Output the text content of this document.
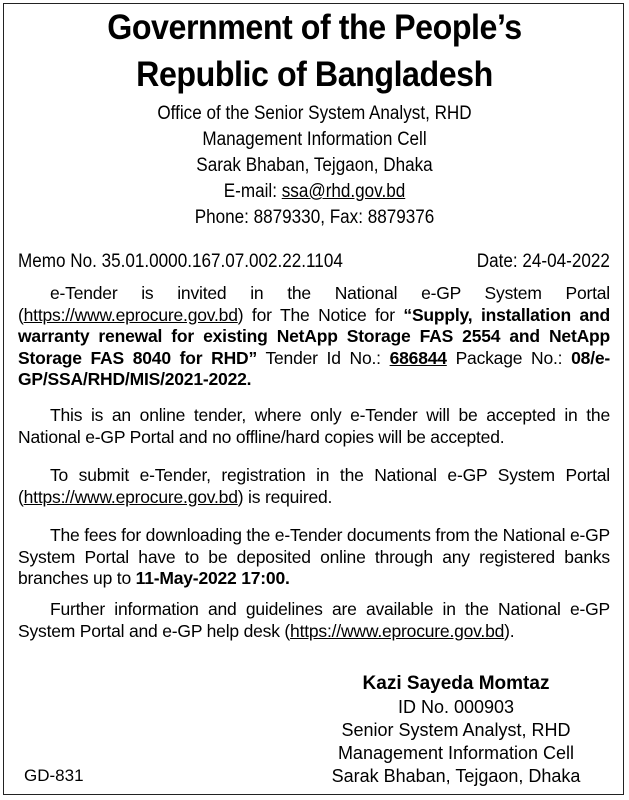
Government of the People’s
Republic of Bangladesh
Office of the Senior System Analyst, RHD
Management Information Cell
Sarak Bhaban, Tejgaon, Dhaka
E-mail: ssa@rhd.gov.bd
Phone: 8879330, Fax: 8879376
Memo No. 35.01.0000.167.07.002.22.1104	Date: 24-04-2022
e-Tender is invited in the National e-GP System Portal (https://www.eprocure.gov.bd) for The Notice for “Supply, installation and warranty renewal for existing NetApp Storage FAS 2554 and NetApp Storage FAS 8040 for RHD” Tender Id No.: 686844 Package No.: 08/e-GP/SSA/RHD/MIS/2021-2022.
This is an online tender, where only e-Tender will be accepted in the National e-GP Portal and no offline/hard copies will be accepted.
To submit e-Tender, registration in the National e-GP System Portal (https://www.eprocure.gov.bd) is required.
The fees for downloading the e-Tender documents from the National e-GP System Portal have to be deposited online through any registered banks branches up to 11-May-2022 17:00.
Further information and guidelines are available in the National e-GP System Portal and e-GP help desk (https://www.eprocure.gov.bd).
Kazi Sayeda Momtaz
ID No. 000903
Senior System Analyst, RHD
Management Information Cell
Sarak Bhaban, Tejgaon, Dhaka
GD-831
